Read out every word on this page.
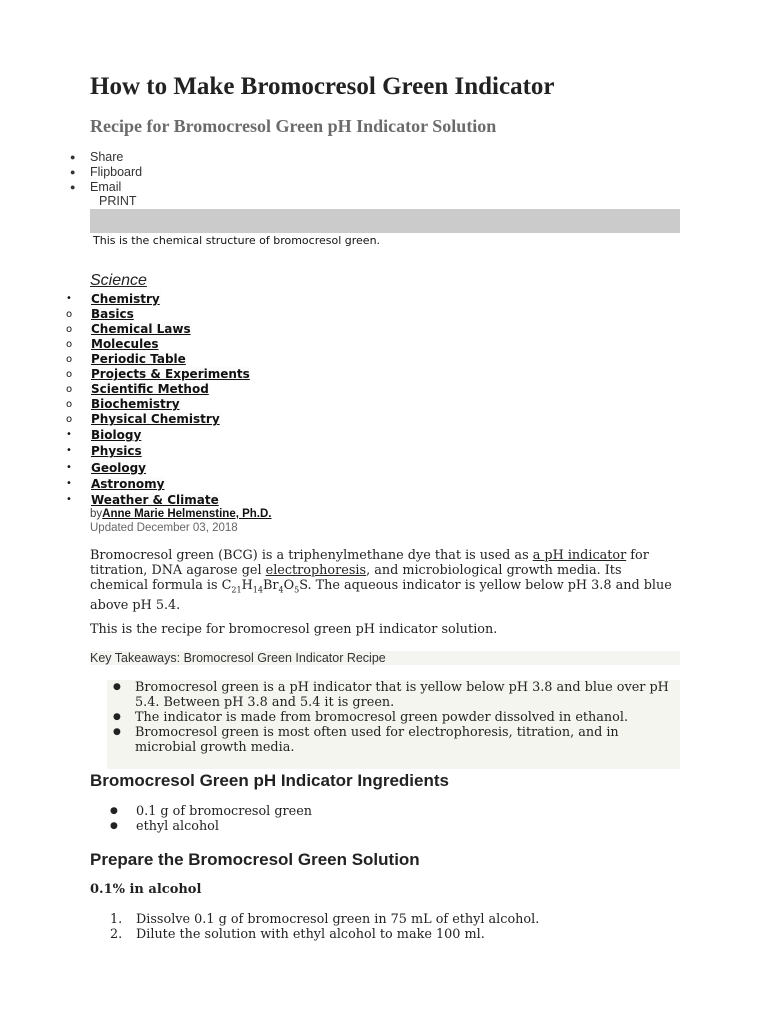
How to Make Bromocresol Green Indicator
Recipe for Bromocresol Green pH Indicator Solution
● Share
● Flipboard
● Email
PRINT
This is the chemical structure of bromocresol green.
Science
• Chemistry
o Basics
o Chemical Laws
o Molecules
o Periodic Table
o Projects & Experiments
o Scientific Method
o Biochemistry
o Physical Chemistry
• Biology
• Physics
• Geology
• Astronomy
• Weather & Climate
byAnne Marie Helmenstine, Ph.D.
Updated December 03, 2018

Bromocresol green (BCG) is a triphenylmethane dye that is used as a pH indicator for titration, DNA agarose gel electrophoresis, and microbiological growth media. Its chemical formula is $C_{21}H_{14}Br_4O_5S$. The aqueous indicator is yellow below pH 3.8 and blue above pH 5.4.

This is the recipe for bromocresol green pH indicator solution.

Key Takeaways: Bromocresol Green Indicator Recipe
● Bromocresol green is a pH indicator that is yellow below pH 3.8 and blue over pH 5.4. Between pH 3.8 and 5.4 it is green.
● The indicator is made from bromocresol green powder dissolved in ethanol.
● Bromocresol green is most often used for electrophoresis, titration, and in microbial growth media.
Bromocresol Green pH Indicator Ingredients
● 0.1 g of bromocresol green
● ethyl alcohol
Prepare the Bromocresol Green Solution
0.1% in alcohol
1. Dissolve 0.1 g of bromocresol green in 75 mL of ethyl alcohol.
2. Dilute the solution with ethyl alcohol to make 100 ml.
